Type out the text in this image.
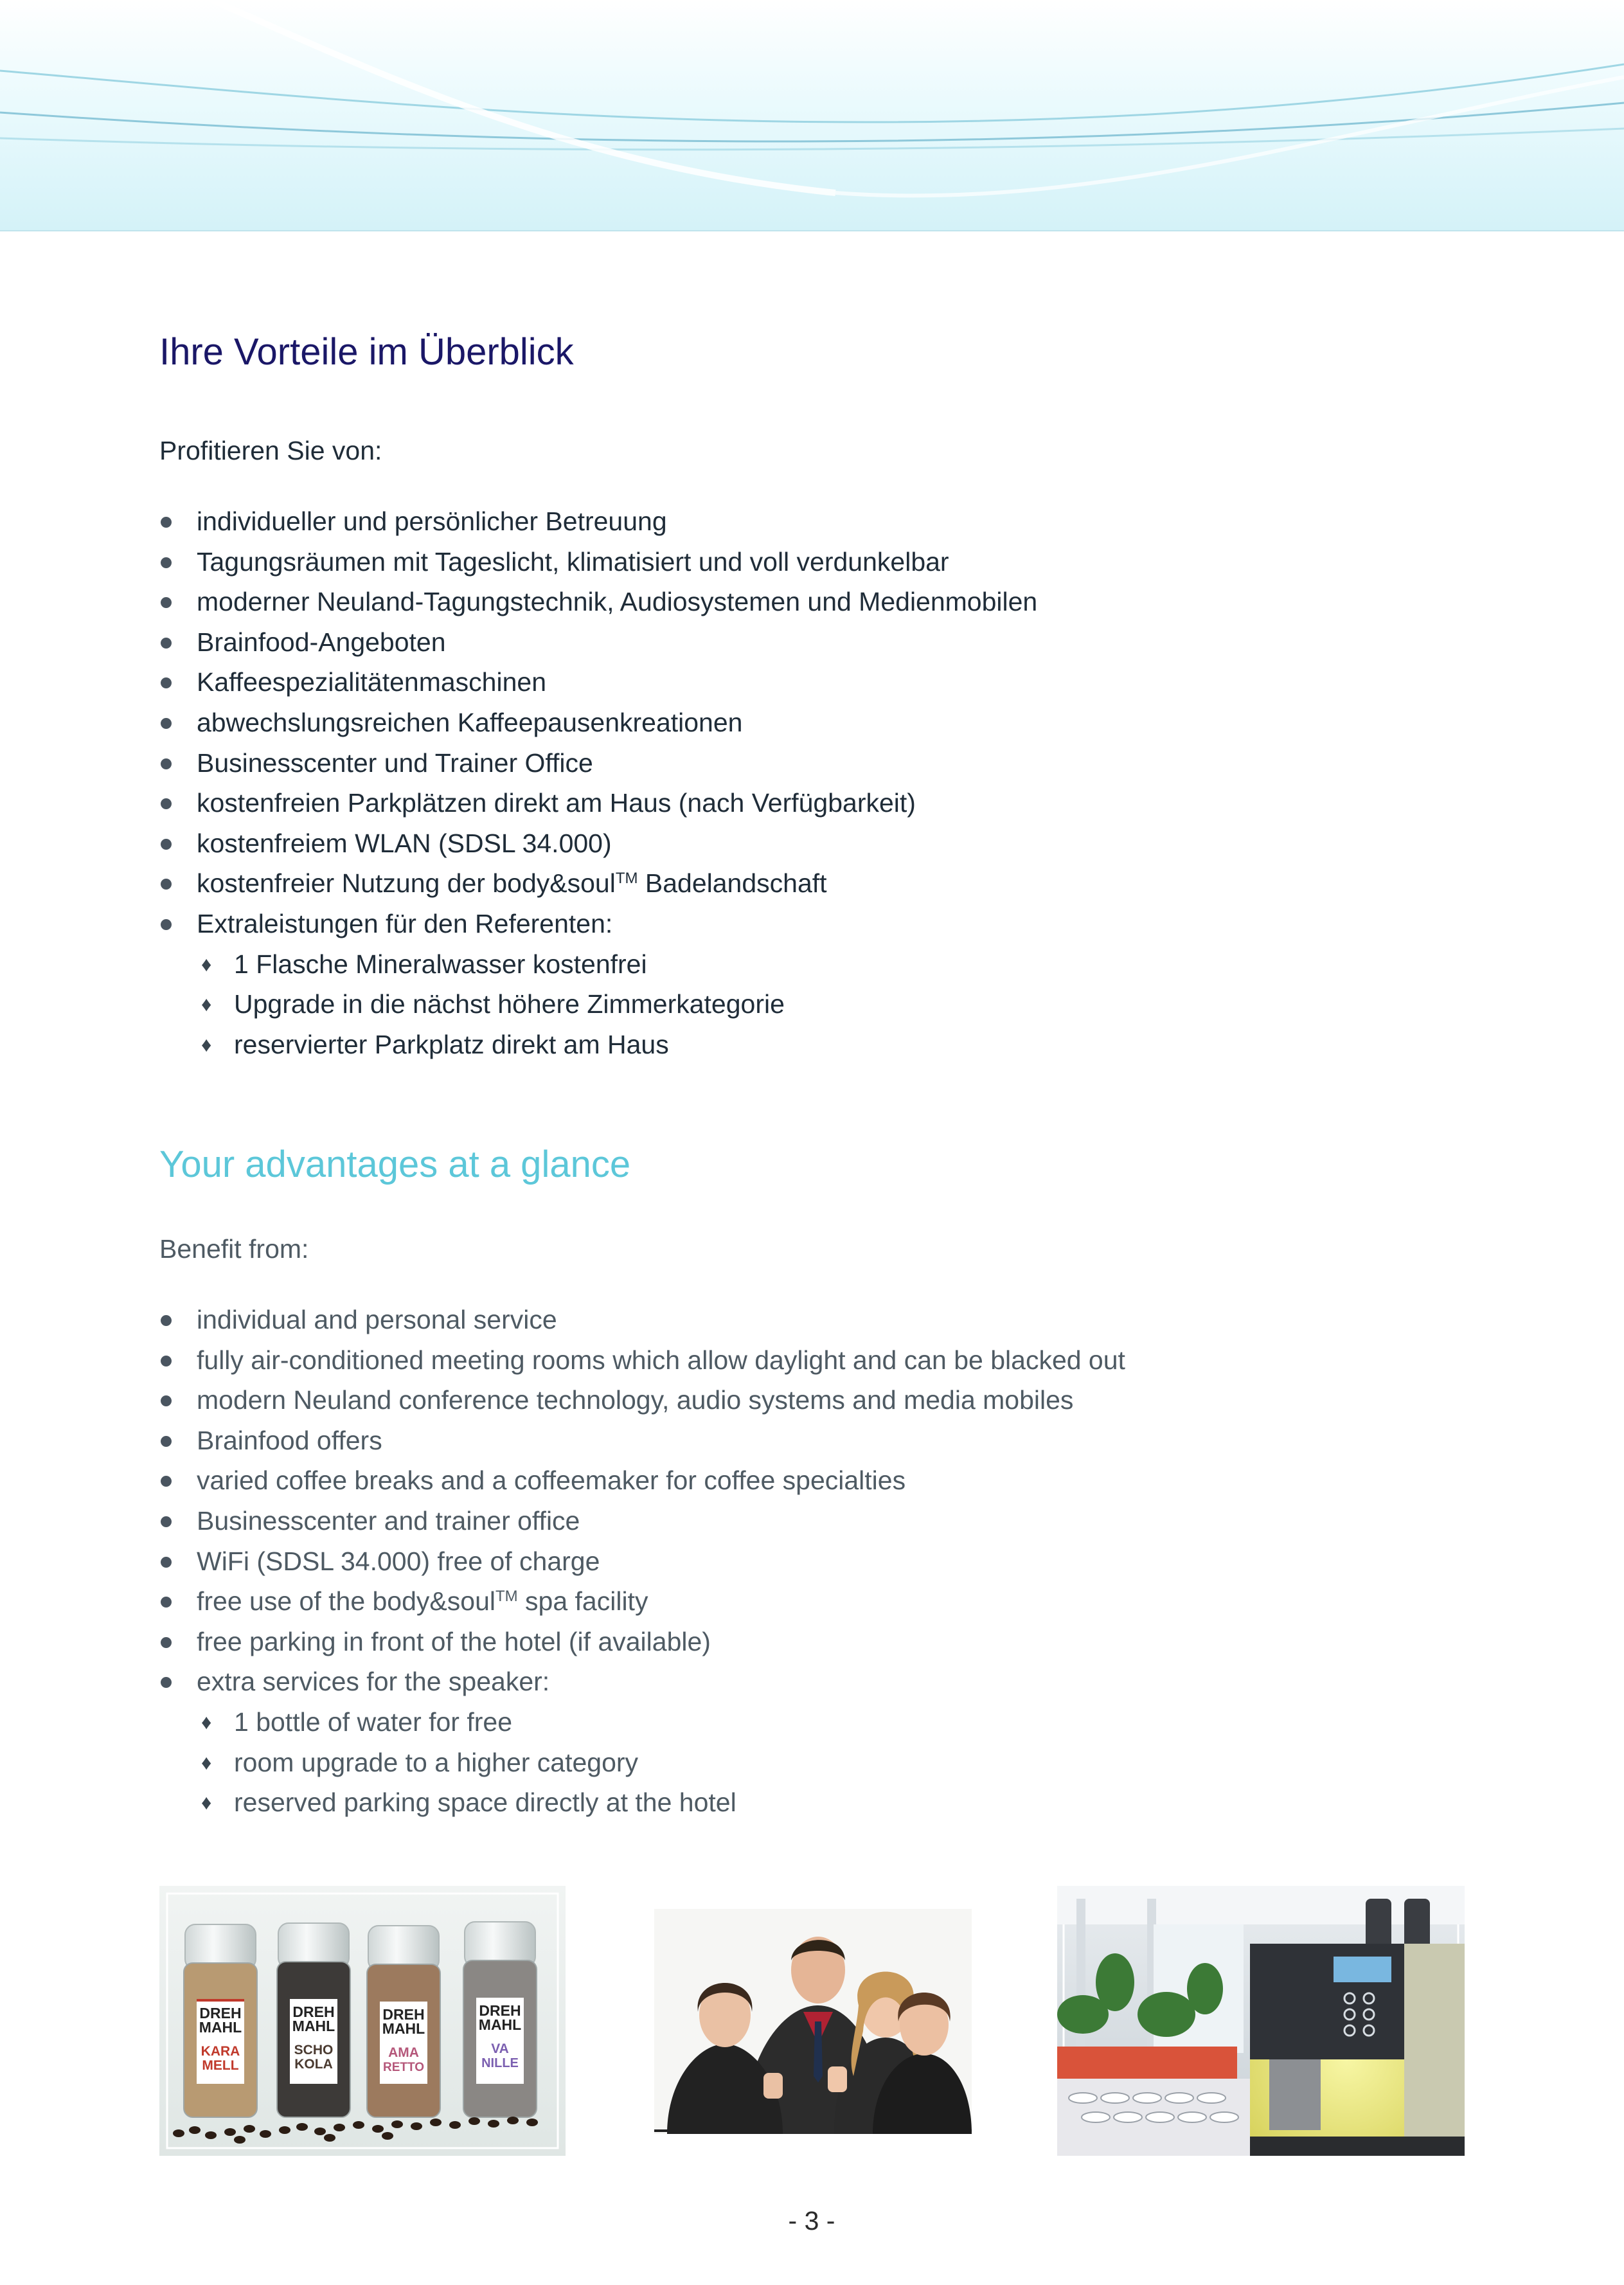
Ihre Vorteile im Überblick

Profitieren Sie von:

individueller und persönlicher Betreuung
Tagungsräumen mit Tageslicht, klimatisiert und voll verdunkelbar
moderner Neuland-Tagungstechnik, Audiosystemen und Medienmobilen
Brainfood-Angeboten
Kaffeespezialitätenmaschinen
abwechslungsreichen Kaffeepausenkreationen
Businesscenter und Trainer Office
kostenfreien Parkplätzen direkt am Haus (nach Verfügbarkeit)
kostenfreiem WLAN (SDSL 34.000)
kostenfreier Nutzung der body&soul™ Badelandschaft
Extraleistungen für den Referenten:
♦ 1 Flasche Mineralwasser kostenfrei
♦ Upgrade in die nächst höhere Zimmerkategorie
♦ reservierter Parkplatz direkt am Haus
Your advantages at a glance

Benefit from:

individual and personal service
fully air-conditioned meeting rooms which allow daylight and can be blacked out
modern Neuland conference technology, audio systems and media mobiles
Brainfood offers
varied coffee breaks and a coffeemaker for coffee specialties
Businesscenter and trainer office
WiFi (SDSL 34.000) free of charge
free use of the body&soul™ spa facility
free parking in front of the hotel (if available)
extra services for the speaker:
♦ 1 bottle of water for free
♦ room upgrade to a higher category
♦ reserved parking space directly at the hotel
DREH
MAHL
KARA
MELL
DREH
MAHL
SCHO
KOLA
DREH
MAHL
AMA
RETTO
DREH
MAHL
VA
NILLE
- 3 -
